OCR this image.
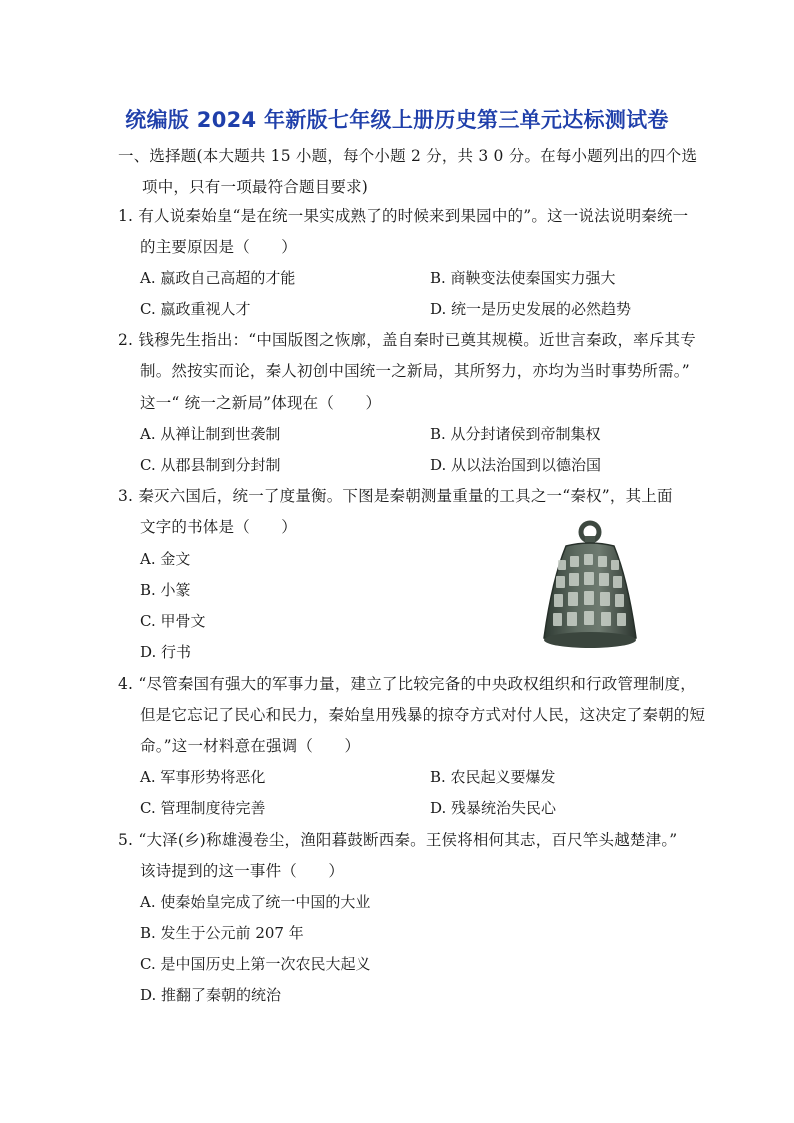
统编版 2024 年新版七年级上册历史第三单元达标测试卷
一、选择题(本大题共 15 小题，每个小题 2 分，共 3 0 分。在每小题列出的四个选
项中，只有一项最符合题目要求)
1. 有人说秦始皇“是在统一果实成熟了的时候来到果园中的”。这一说法说明秦统一
的主要原因是（　　）
A. 嬴政自己高超的才能	B. 商鞅变法使秦国实力强大
C. 嬴政重视人才	D. 统一是历史发展的必然趋势
2. 钱穆先生指出：“中国版图之恢廓，盖自秦时已奠其规模。近世言秦政，率斥其专
制。然按实而论，秦人初创中国统一之新局，其所努力，亦均为当时事势所需。”
这一“ 统一之新局”体现在（　　）
A. 从禅让制到世袭制	B. 从分封诸侯到帝制集权
C. 从郡县制到分封制	D. 从以法治国到以德治国
3. 秦灭六国后，统一了度量衡。下图是秦朝测量重量的工具之一“秦权”，其上面
文字的书体是（　　）
A. 金文
B. 小篆
C. 甲骨文
D. 行书
4. “尽管秦国有强大的军事力量，建立了比较完备的中央政权组织和行政管理制度，
但是它忘记了民心和民力，秦始皇用残暴的掠夺方式对付人民，这决定了秦朝的短
命。”这一材料意在强调（　　）
A. 军事形势将恶化	B. 农民起义要爆发
C. 管理制度待完善	D. 残暴统治失民心
5. “大泽(乡)称雄漫卷尘，渔阳暮鼓断西秦。王侯将相何其志，百尺竿头越楚津。”
该诗提到的这一事件（　　）
A. 使秦始皇完成了统一中国的大业
B. 发生于公元前 207 年
C. 是中国历史上第一次农民大起义
D. 推翻了秦朝的统治
